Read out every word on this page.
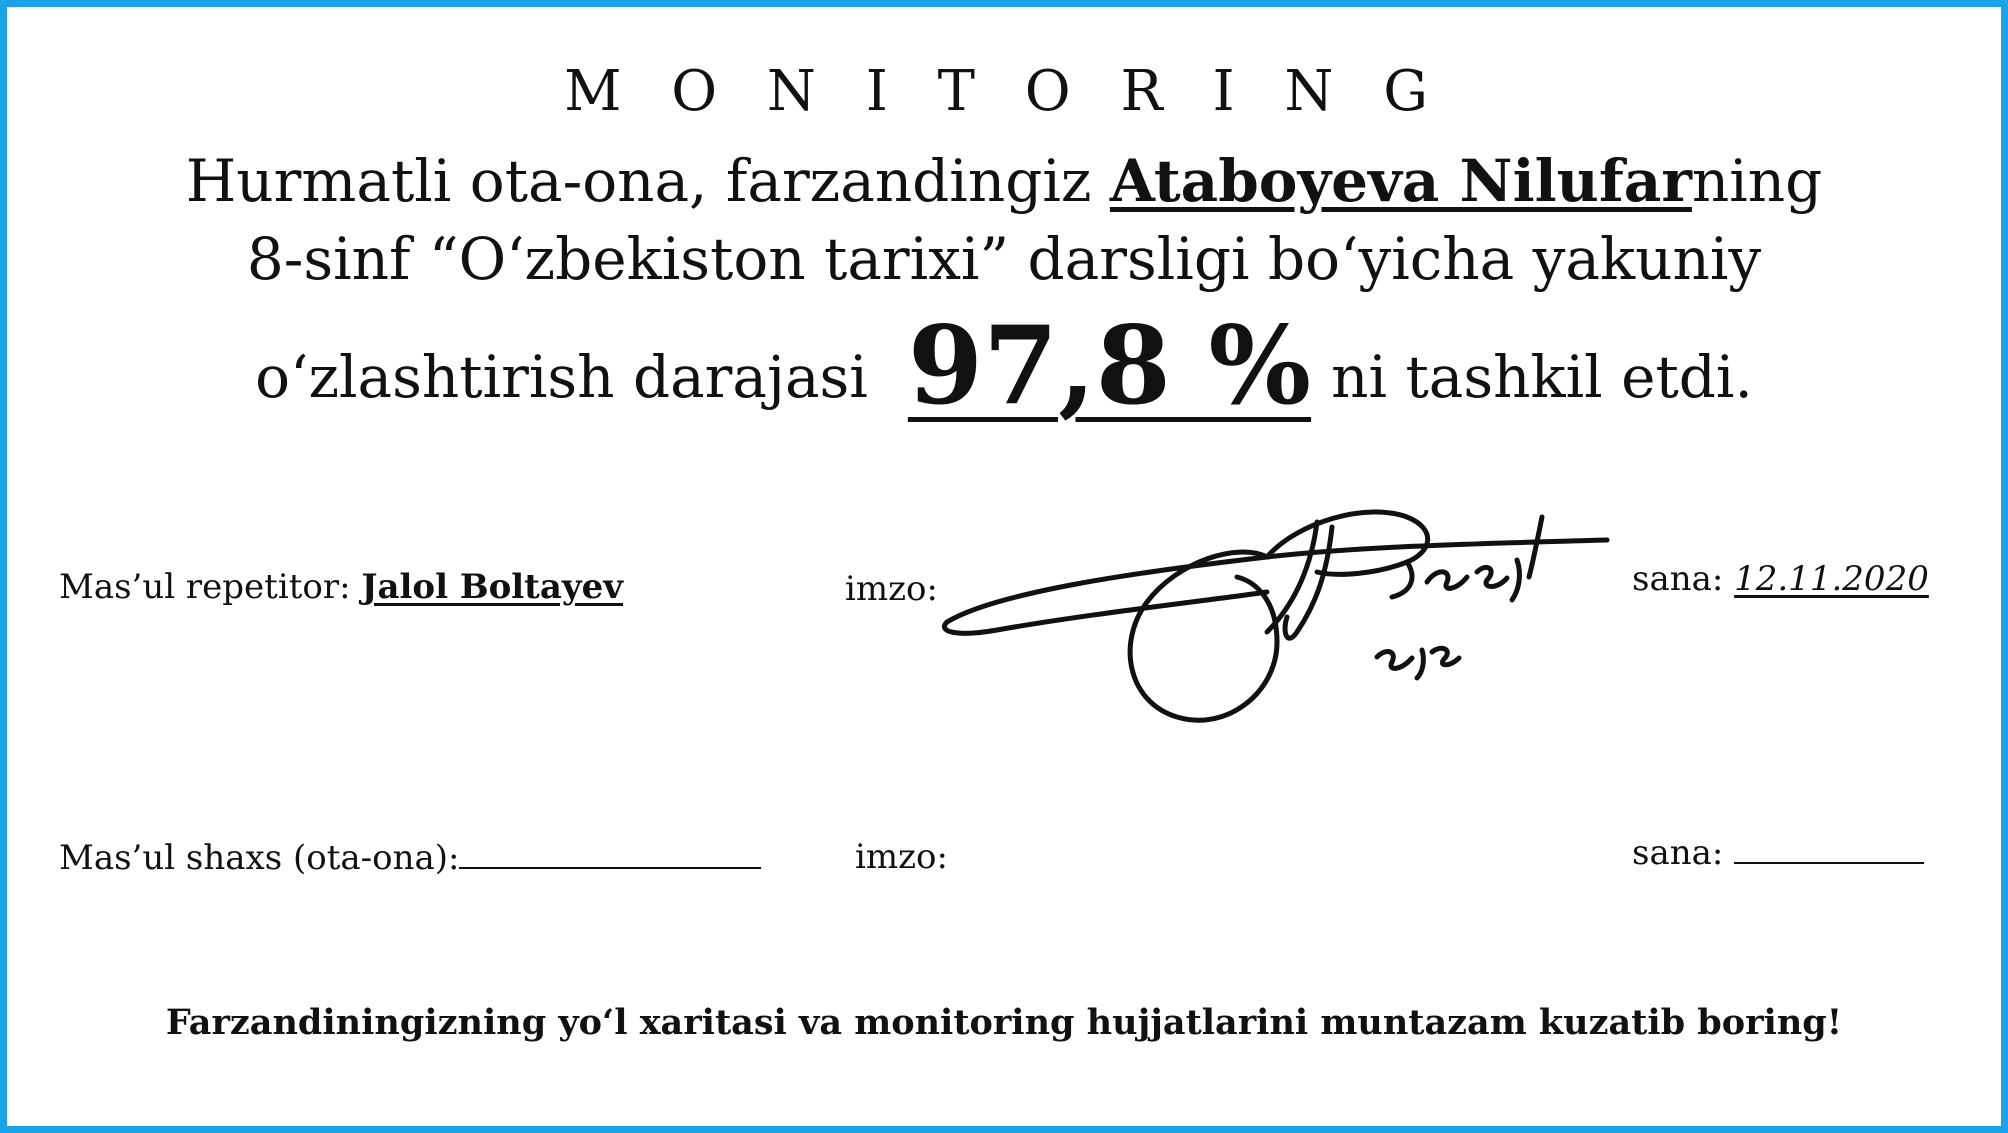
M O N I T O R I N G
Hurmatli ota-ona, farzandingiz Ataboyeva Nilufarning
8-sinf “O‘zbekiston tarixi” darsligi bo‘yicha yakuniy
o‘zlashtirish darajasi 97,8 % ni tashkil etdi.
Mas’ul repetitor: Jalol Boltayev	imzo:	sana: 12.11.2020
Mas’ul shaxs (ota-ona):	imzo:	sana:
Farzandiningizning yo‘l xaritasi va monitoring hujjatlarini muntazam kuzatib boring!
